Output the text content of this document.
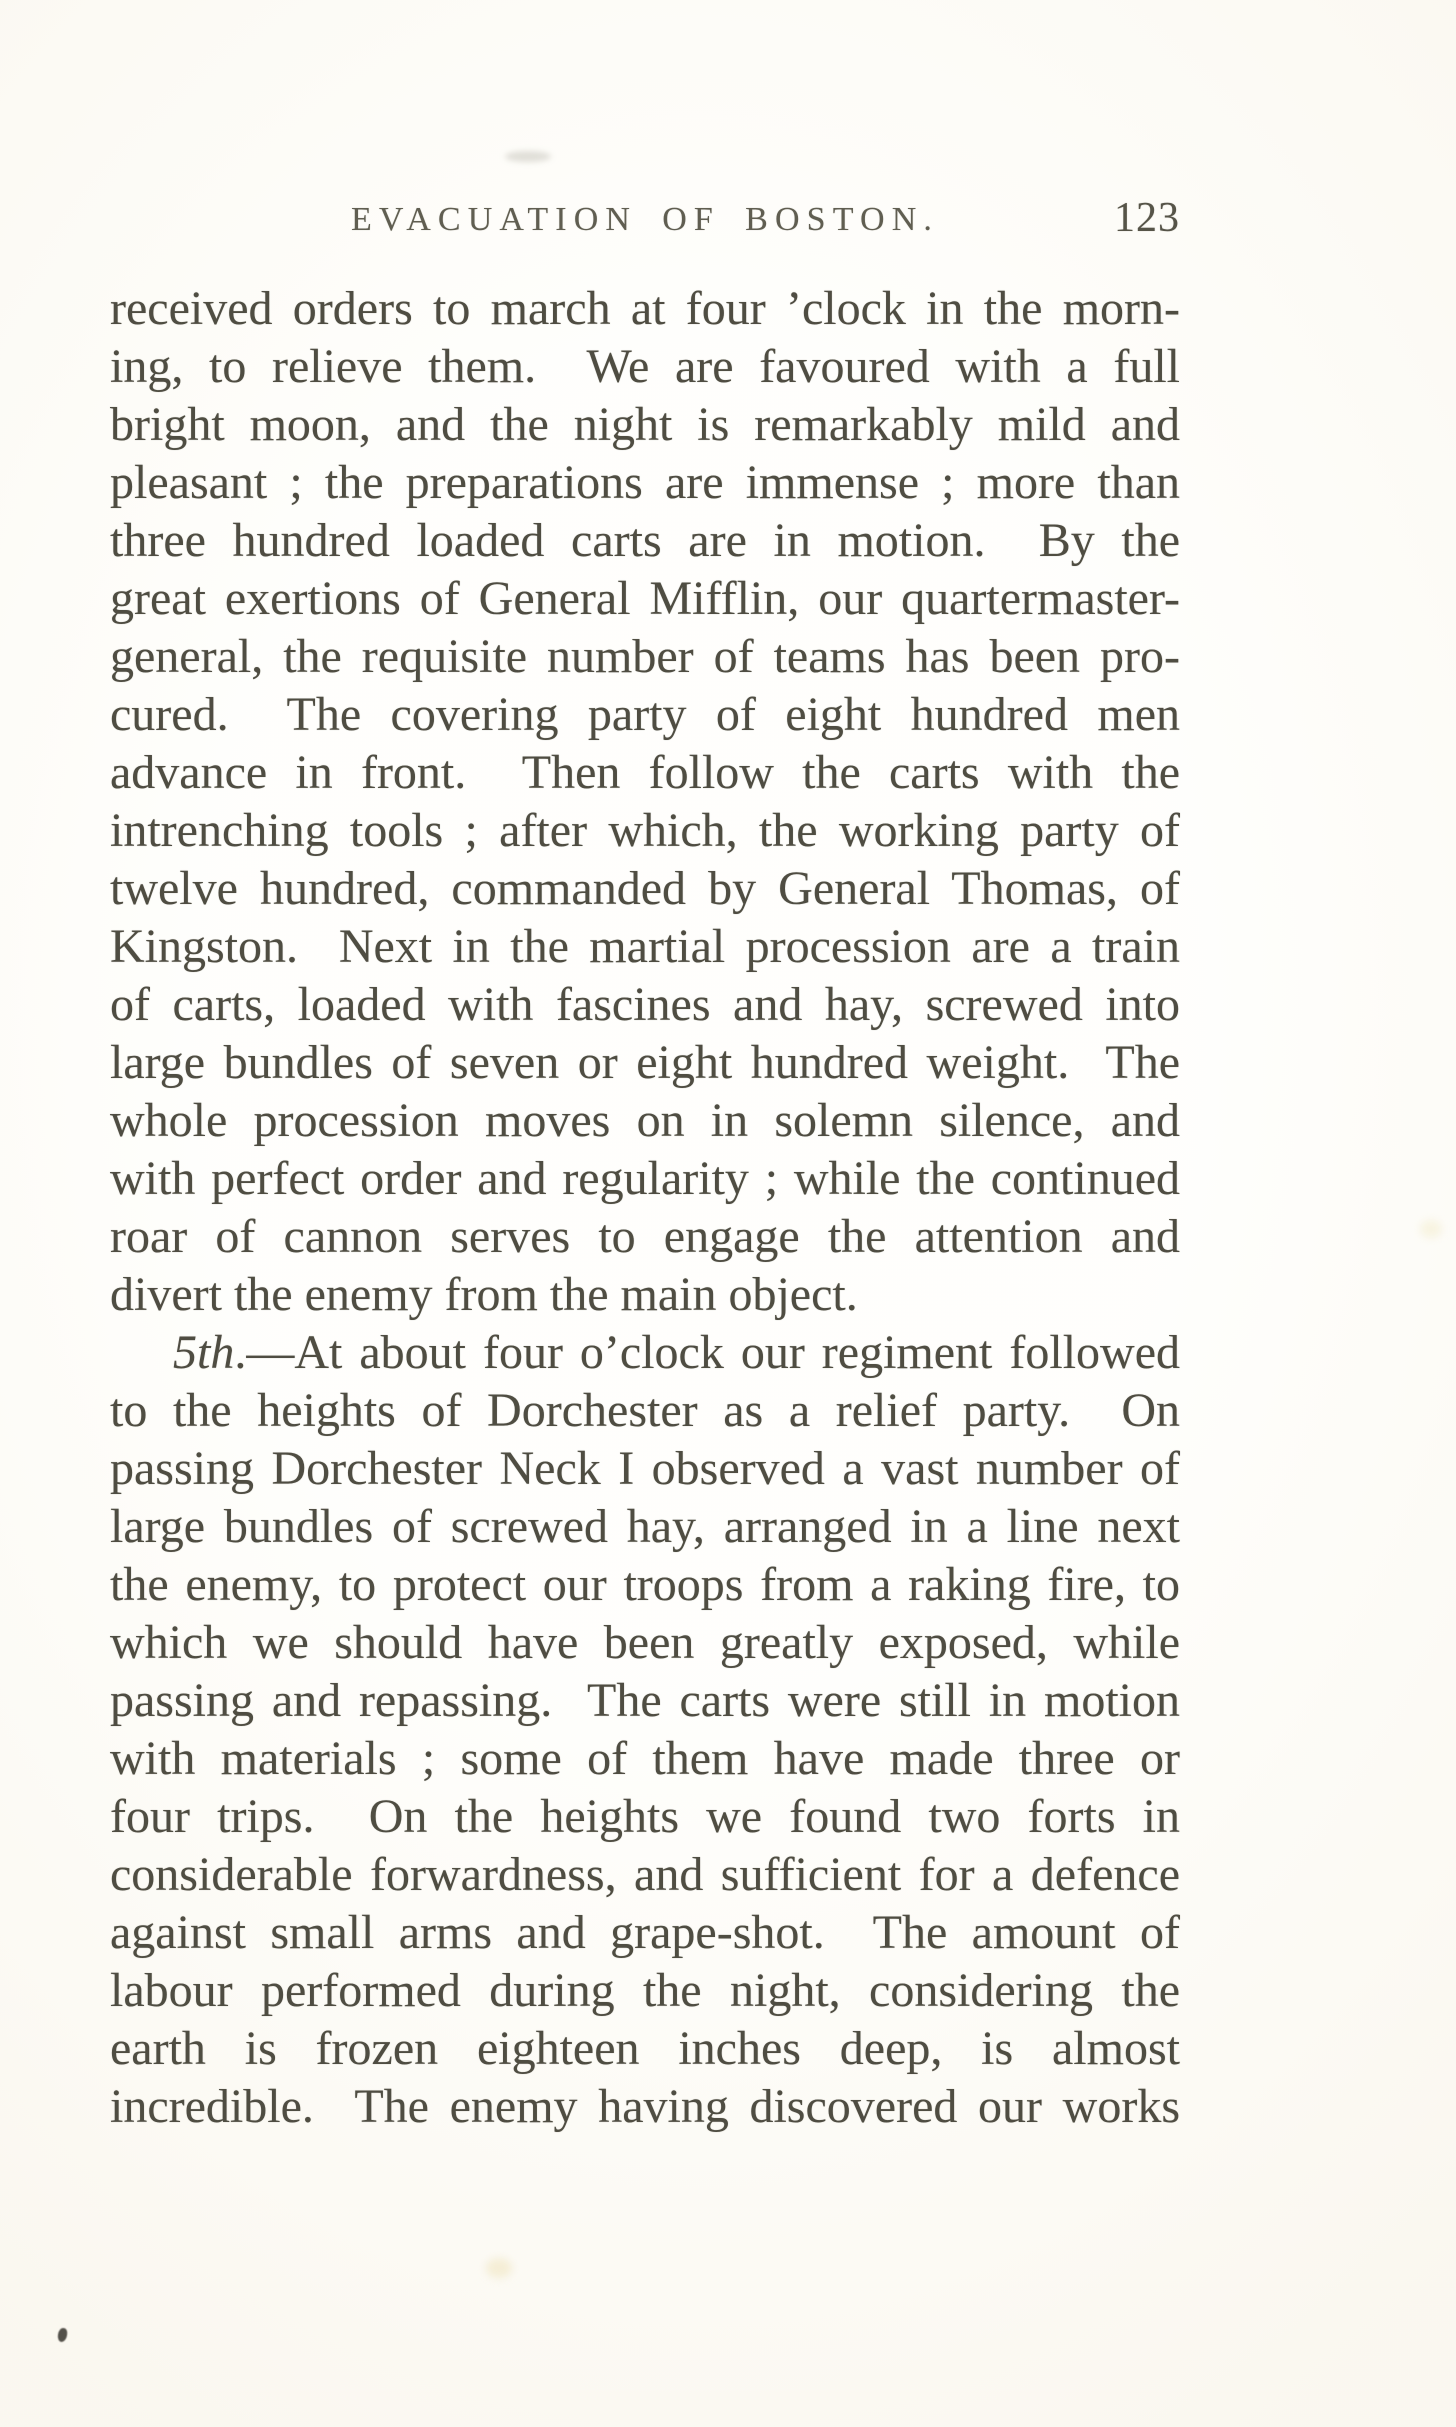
EVACUATION OF BOSTON.	123
received orders to march at four ’clock in the morn-
ing, to relieve them.  We are favoured with a full
bright moon, and the night is remarkably mild and
pleasant ; the preparations are immense ; more than
three hundred loaded carts are in motion.  By the
great exertions of General Mifflin, our quartermaster-
general, the requisite number of teams has been pro-
cured.  The covering party of eight hundred men
advance in front.  Then follow the carts with the
intrenching tools ; after which, the working party of
twelve hundred, commanded by General Thomas, of
Kingston.  Next in the martial procession are a train
of carts, loaded with fascines and hay, screwed into
large bundles of seven or eight hundred weight.  The
whole procession moves on in solemn silence, and
with perfect order and regularity ; while the continued
roar of cannon serves to engage the attention and
divert the enemy from the main object.
5th.—At about four o’clock our regiment followed
to the heights of Dorchester as a relief party.  On
passing Dorchester Neck I observed a vast number of
large bundles of screwed hay, arranged in a line next
the enemy, to protect our troops from a raking fire, to
which we should have been greatly exposed, while
passing and repassing.  The carts were still in motion
with materials ; some of them have made three or
four trips.  On the heights we found two forts in
considerable forwardness, and sufficient for a defence
against small arms and grape-shot.  The amount of
labour performed during the night, considering the
earth is frozen eighteen inches deep, is almost
incredible.  The enemy having discovered our works
